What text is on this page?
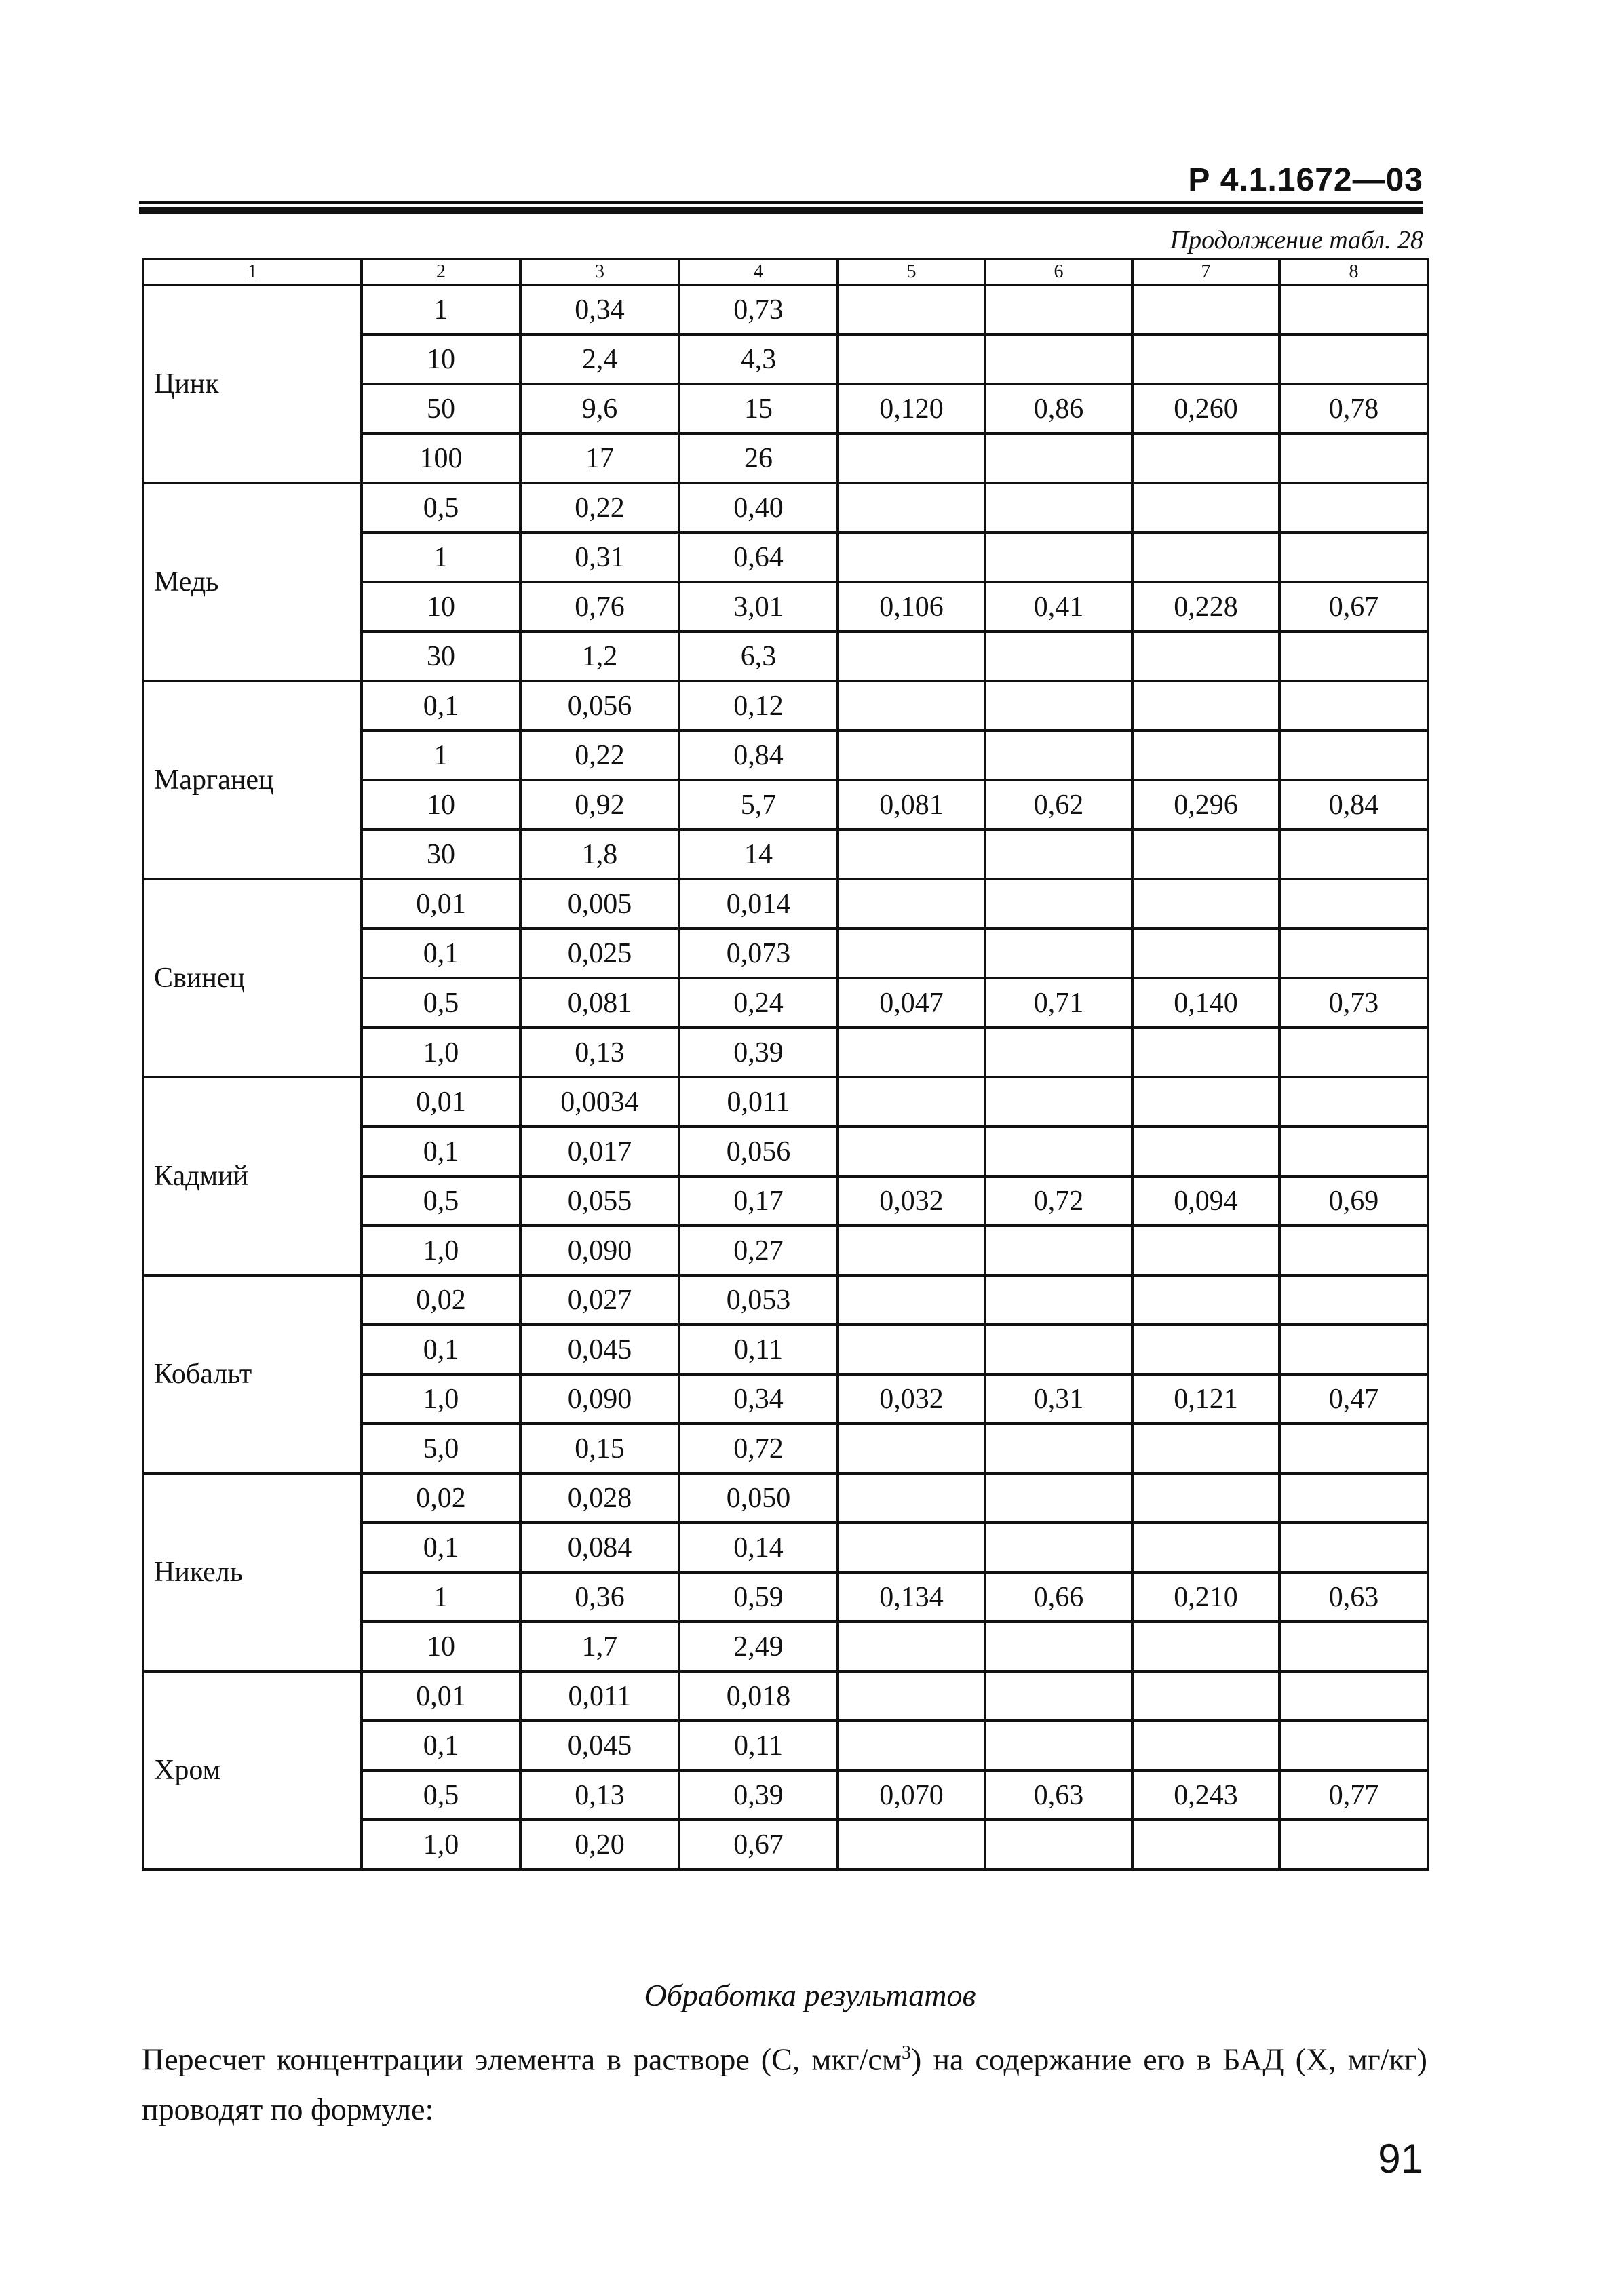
Р 4.1.1672—03
Продолжение табл. 28
1	2	3	4	5	6	7	8
Цинк	1	0,34	0,73				
	10	2,4	4,3				
	50	9,6	15	0,120	0,86	0,260	0,78
	100	17	26				
Медь	0,5	0,22	0,40				
	1	0,31	0,64				
	10	0,76	3,01	0,106	0,41	0,228	0,67
	30	1,2	6,3				
Марганец	0,1	0,056	0,12				
	1	0,22	0,84				
	10	0,92	5,7	0,081	0,62	0,296	0,84
	30	1,8	14				
Свинец	0,01	0,005	0,014				
	0,1	0,025	0,073				
	0,5	0,081	0,24	0,047	0,71	0,140	0,73
	1,0	0,13	0,39				
Кадмий	0,01	0,0034	0,011				
	0,1	0,017	0,056				
	0,5	0,055	0,17	0,032	0,72	0,094	0,69
	1,0	0,090	0,27				
Кобальт	0,02	0,027	0,053				
	0,1	0,045	0,11				
	1,0	0,090	0,34	0,032	0,31	0,121	0,47
	5,0	0,15	0,72				
Никель	0,02	0,028	0,050				
	0,1	0,084	0,14				
	1	0,36	0,59	0,134	0,66	0,210	0,63
	10	1,7	2,49				
Хром	0,01	0,011	0,018				
	0,1	0,045	0,11				
	0,5	0,13	0,39	0,070	0,63	0,243	0,77
	1,0	0,20	0,67				
Обработка результатов
Пересчет концентрации элемента в растворе (С, мкг/$см^3$) на содержание его в БАД (X, мг/кг) проводят по формуле:
91
